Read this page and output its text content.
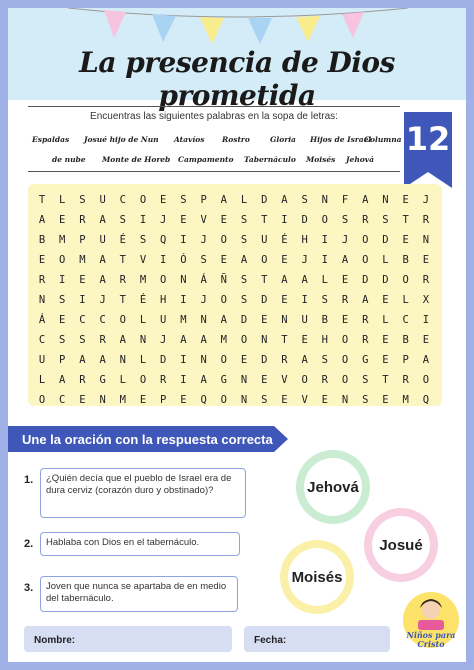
La presencia de Dios prometida
Encuentras las siguientes palabras en la sopa de letras:
Espaldas Josué hijo de Nun Atavíos Rostro	Gloria Hijos de Israel
Columna
de nube Monte de Horeb Campamento Tabernáculo Moisés Jehová
12
T	L	S	U	C	O	E	S	P	A	L	D	A	S	N	F	A	N	E	J
A	E	R	A	S	I	J	E	V	E	S	T	I	D	O	S	R	S	T	R
B	M	P	U	É	S	Q	I	J	O	S	U	É	H	I	J	O	D	E	N
E	O	M	A	T	V	I	Ó	S	E	A	O	E	J	I	A	O	L	B	E
R	I	E	A	R	M	O	N	Á	Ñ	S	T	A	A	L	E	D	D	O	R
N	S	I	J	T	É	H	I	J	O	S	D	E	I	S	R	A	E	L	X
Á	E	C	C	O	L	U	M	N	A	D	E	N	U	B	E	R	L	C	I
C	S	S	R	A	N	J	A	A	M	O	N	T	E	H	O	R	E	B	E
U	P	A	A	N	L	D	I	N	O	E	D	R	A	S	O	G	E	P	A
L	A	R	G	L	O	R	I	A	G	N	E	V	O	R	O	S	T	R	O
O	C	E	N	M	E	P	E	Q	O	N	S	E	V	E	N	S	E	M	Q
Une la oración con la respuesta correcta
1.	¿Quién decía que el pueblo de Israel era de dura cerviz (corazón duro y obstinado)?
2.	Hablaba con Dios en el tabernáculo.
3.	Joven que nunca se apartaba de en medio del tabernáculo.
Jehová
Josué
Moisés
Nombre:	Fecha:	Niños para
Cristo
